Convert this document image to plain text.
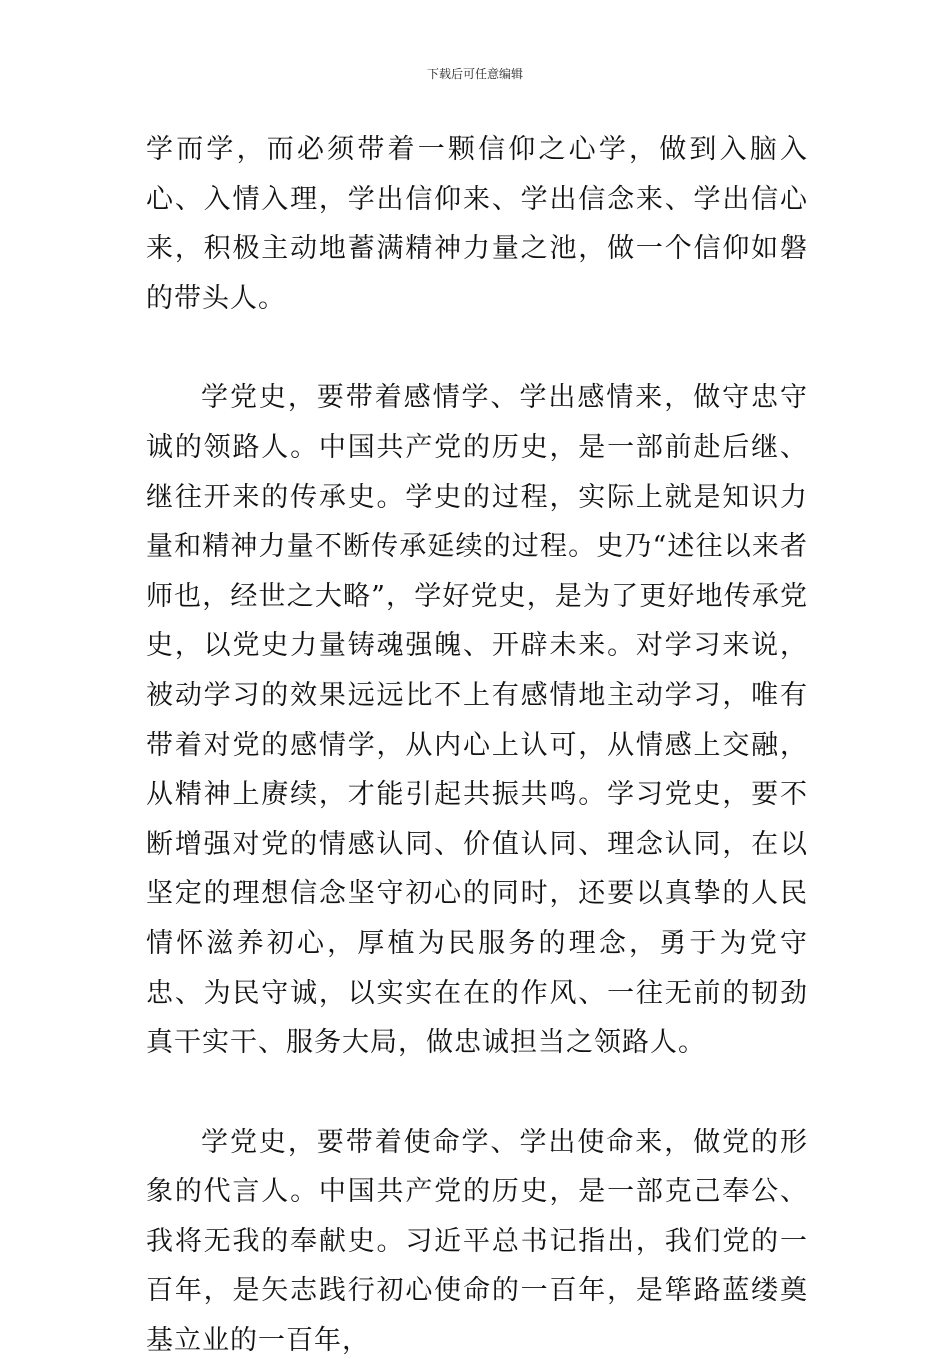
下载后可任意编辑

学而学，而必须带着一颗信仰之心学，做到入脑入心、入情入理，学出信仰来、学出信念来、学出信心来，积极主动地蓄满精神力量之池，做一个信仰如磐的带头人。

学党史，要带着感情学、学出感情来，做守忠守诚的领路人。中国共产党的历史，是一部前赴后继、继往开来的传承史。学史的过程，实际上就是知识力量和精神力量不断传承延续的过程。史乃“述往以来者师也，经世之大略”，学好党史，是为了更好地传承党史，以党史力量铸魂强魄、开辟未来。对学习来说，被动学习的效果远远比不上有感情地主动学习，唯有带着对党的感情学，从内心上认可，从情感上交融，从精神上赓续，才能引起共振共鸣。学习党史，要不断增强对党的情感认同、价值认同、理念认同，在以坚定的理想信念坚守初心的同时，还要以真挚的人民情怀滋养初心，厚植为民服务的理念，勇于为党守忠、为民守诚，以实实在在的作风、一往无前的韧劲真干实干、服务大局，做忠诚担当之领路人。

学党史，要带着使命学、学出使命来，做党的形象的代言人。中国共产党的历史，是一部克己奉公、我将无我的奉献史。习近平总书记指出，我们党的一百年，是矢志践行初心使命的一百年，是筚路蓝缕奠基立业的一百年，
